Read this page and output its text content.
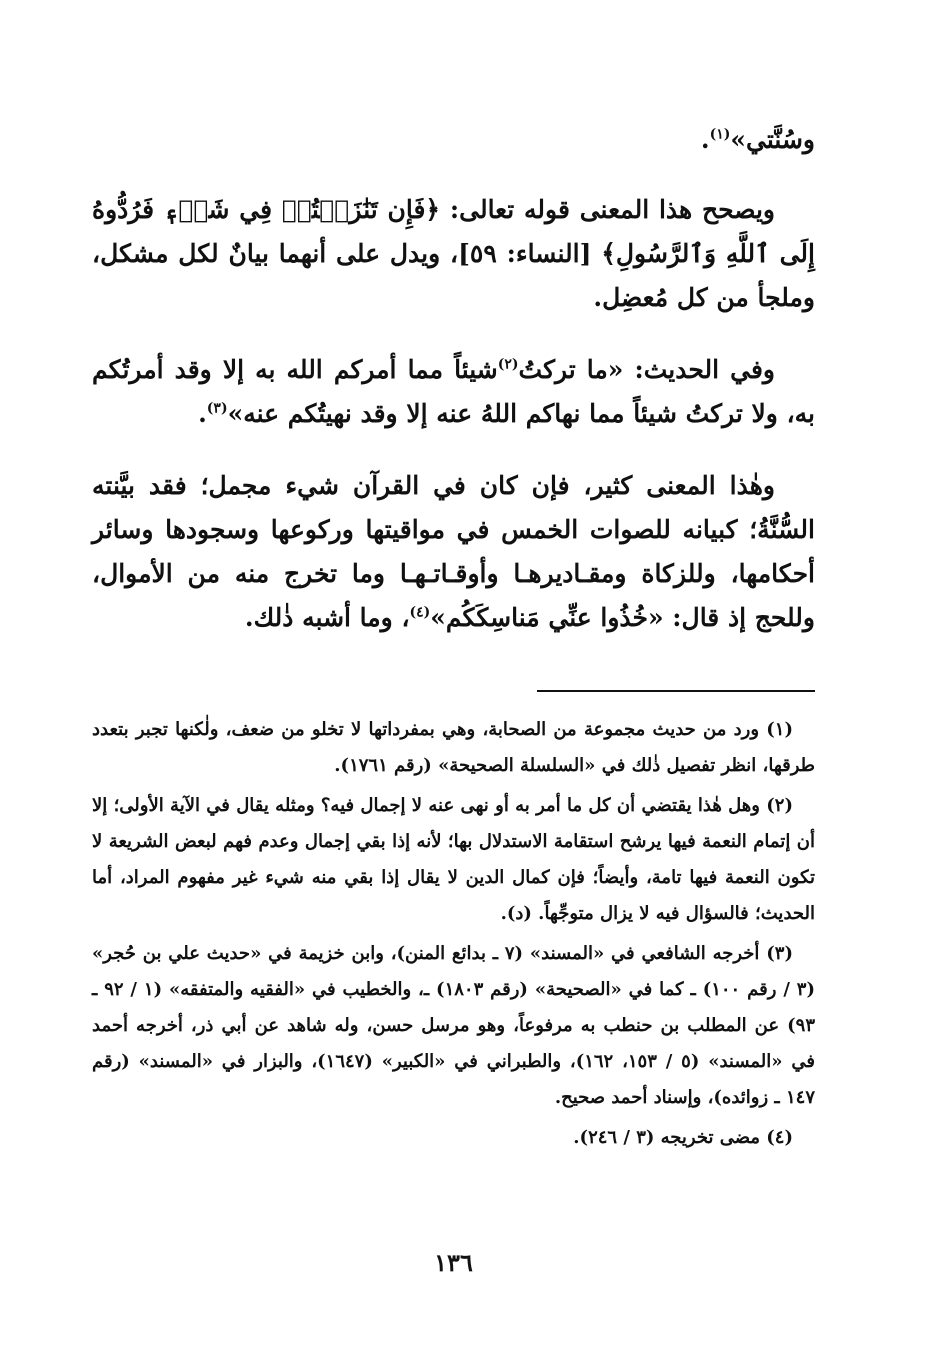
وسُنَّتي»$^{(١)}$.

ويصحح هذا المعنى قوله تعالى: ﴿فَإِن تَنَٰزَعۡتُمۡ فِي شَيۡءٖ فَرُدُّوهُ إِلَى ٱللَّهِ وَٱلرَّسُولِ﴾ [النساء: ٥٩]، ويدل على أنهما بيانٌ لكل مشكل، وملجأ من كل مُعضِل.

وفي الحديث: «ما تركتُ$^{(٢)}$شيئاً مما أمركم الله به إلا وقد أمرتُكم به، ولا تركتُ شيئاً مما نهاكم اللهُ عنه إلا وقد نهيتُكم عنه»$^{(٣)}$.

وهٰذا المعنى كثير، فإن كان في القرآن شيء مجمل؛ فقد بيَّنته السُّنَّةُ؛ كبيانه للصوات الخمس في مواقيتها وركوعها وسجودها وسائر أحكامها، وللزكاة ومقـاديرهـا وأوقـاتـهـا وما تخرج منه من الأموال، وللحج إذ قال: «خُذُوا عنِّي مَناسِكَكُم»$^{(٤)}$، وما أشبه ذٰلك.

(١) ورد من حديث مجموعة من الصحابة، وهي بمفرداتها لا تخلو من ضعف، ولٰكنها تجبر بتعدد طرقها، انظر تفصيل ذٰلك في «السلسلة الصحيحة» (رقم ١٧٦١).

(٢) وهل هٰذا يقتضي أن كل ما أمر به أو نهى عنه لا إجمال فيه؟ ومثله يقال في الآية الأولى؛ إلا أن إتمام النعمة فيها يرشح استقامة الاستدلال بها؛ لأنه إذا بقي إجمال وعدم فهم لبعض الشريعة لا تكون النعمة فيها تامة، وأيضاً؛ فإن كمال الدين لا يقال إذا بقي منه شيء غير مفهوم المراد، أما الحديث؛ فالسؤال فيه لا يزال متوجِّهاً. (د).

(٣) أخرجه الشافعي في «المسند» (٧ ـ بدائع المنن)، وابن خزيمة في «حديث علي بن حُجر» (٣ / رقم ١٠٠) ـ كما في «الصحيحة» (رقم ١٨٠٣) ـ، والخطيب في «الفقيه والمتفقه» (١ / ٩٢ ـ ٩٣) عن المطلب بن حنطب به مرفوعاً، وهو مرسل حسن، وله شاهد عن أبي ذر، أخرجه أحمد في «المسند» (٥ / ١٥٣، ١٦٢)، والطبراني في «الكبير» (١٦٤٧)، والبزار في «المسند» (رقم ١٤٧ ـ زوائده)، وإسناد أحمد صحيح.

(٤) مضى تخريجه (٣ / ٢٤٦).

١٣٦
